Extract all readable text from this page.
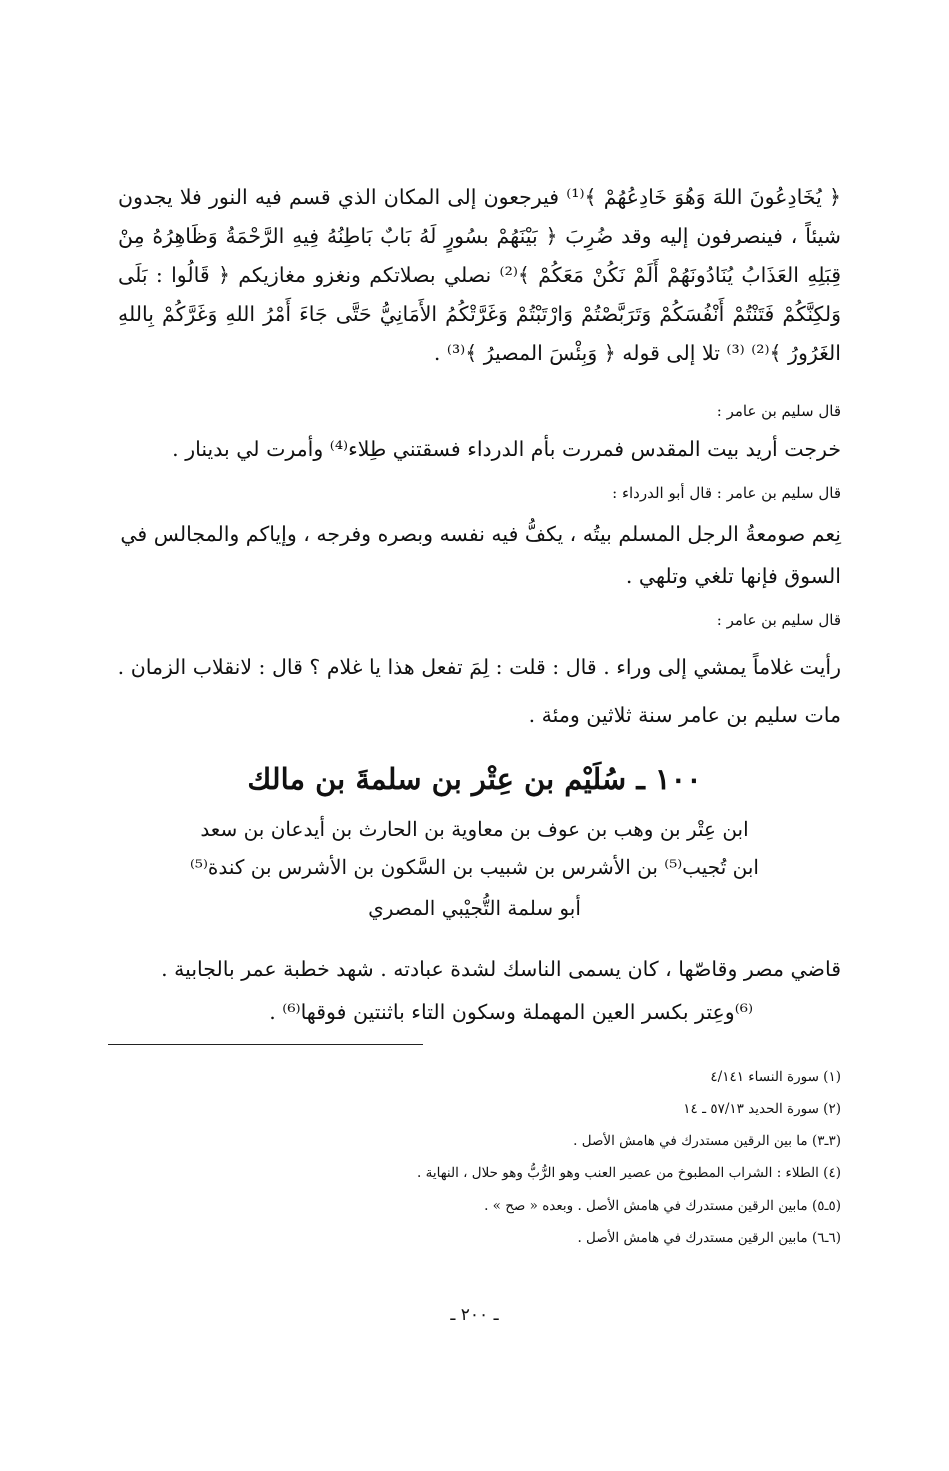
﴿ يُخَادِعُونَ اللهَ وَهُوَ خَادِعُهُمْ ﴾⁽¹⁾ فيرجعون إلى المكان الذي قسم فيه النور فلا يجدون شيئاً ، فينصرفون إليه وقد ضُرِبَ ﴿ بَيْنَهُمْ بسُورٍ لَهُ بَابٌ بَاطِنُهُ فِيهِ الرَّحْمَةُ وَظَاهِرُهُ مِنْ قِبَلِهِ العَذَابُ يُنَادُونَهُمْ أَلَمْ نَكُنْ مَعَكُمْ ﴾⁽²⁾ نصلي بصلاتكم ونغزو مغازيكم ﴿ قَالُوا : بَلَى وَلكِنَّكُمْ فَتَنْتُمْ أَنْفُسَكُمْ وَتَرَبَّصْتُمْ وَارْتَبْتُمْ وَغَرَّتْكُمُ الأَمَانِيُّ حَتَّى جَاءَ أَمْرُ اللهِ وَغَرَّكُمْ بِاللهِ الغَرُورُ ﴾⁽²⁾ ⁽³⁾ تلا إلى قوله ﴿ وَبِئْسَ المصيرُ ﴾⁽³⁾ .
قال سليم بن عامر :
خرجت أريد بيت المقدس فمررت بأم الدرداء فسقتني طِلاء⁽⁴⁾ وأمرت لي بدينار .
قال سليم بن عامر : قال أبو الدرداء :
نِعم صومعةُ الرجل المسلم بيتُه ، يكفُّ فيه نفسه وبصره وفرجه ، وإياكم والمجالس في
السوق فإنها تلغي وتلهي .
قال سليم بن عامر :
رأيت غلاماً يمشي إلى وراء . قال : قلت : لِمَ تفعل هذا يا غلام ؟ قال : لانقلاب الزمان .
مات سليم بن عامر سنة ثلاثين ومئة .
١٠٠ ـ سُلَيْم بن عِتْر بن سلمةَ بن مالك
ابن عِتْر بن وهب بن عوف بن معاوية بن الحارث بن أيدعان بن سعد
ابن تُجيب⁽⁵⁾ بن الأشرس بن شبيب بن السَّكون بن الأشرس بن كندة⁽⁵⁾
أبو سلمة التُّجيْبي المصري
قاضي مصر وقاصّها ، كان يسمى الناسك لشدة عبادته . شهد خطبة عمر بالجابية .
⁽⁶⁾وعِتر بكسر العين المهملة وسكون التاء باثنتين فوقها⁽⁶⁾ .
(١) سورة النساء ٤/١٤١
(٢) سورة الحديد ٥٧/١٣ ـ ١٤
(٣ـ٣) ما بين الرقين مستدرك في هامش الأصل .
(٤) الطلاء : الشراب المطبوخ من عصير العنب وهو الرُّبُّ وهو حلال ، النهاية .
(٥ـ٥) مابين الرقين مستدرك في هامش الأصل . وبعده « صح » .
(٦ـ٦) مابين الرقين مستدرك في هامش الأصل .
ـ ٢٠٠ ـ
